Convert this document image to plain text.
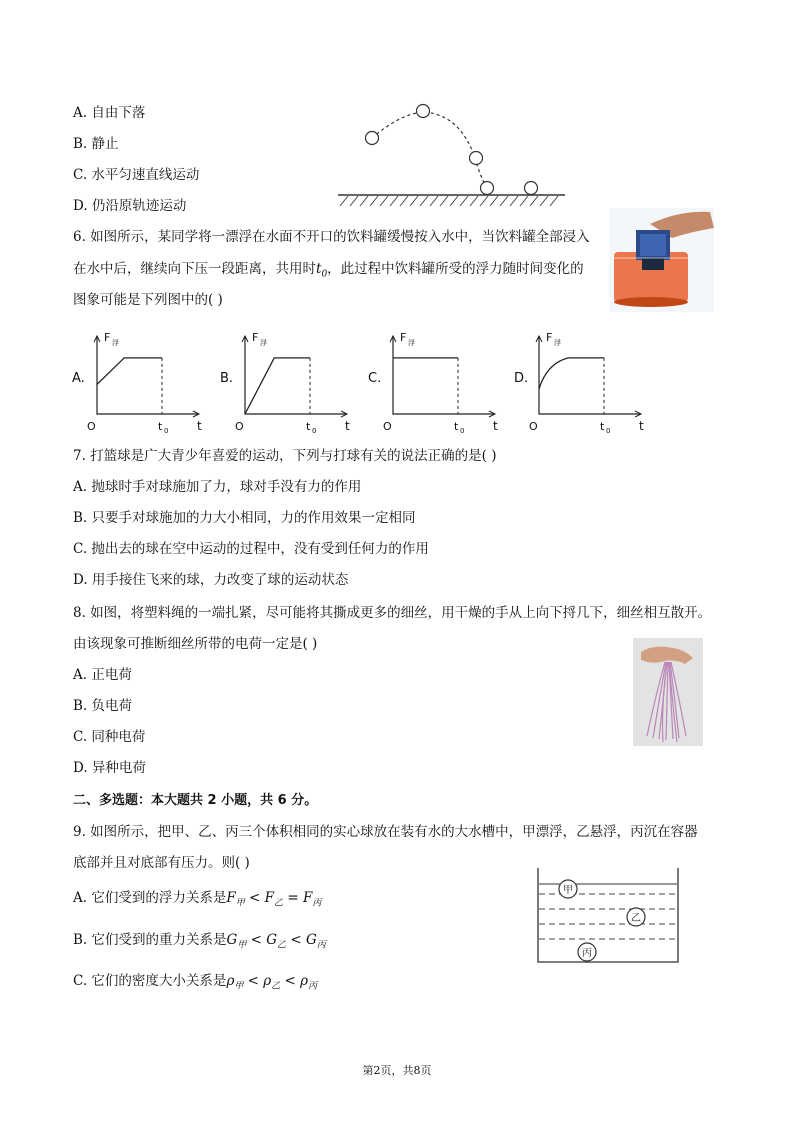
A. 自由下落
B. 静止
C. 水平匀速直线运动
D. 仍沿原轨迹运动
6. 如图所示，某同学将一漂浮在水面不开口的饮料罐缓慢按入水中，当饮料罐全部浸入
在水中后，继续向下压一段距离，共用时$t_0$，此过程中饮料罐所受的浮力随时间变化的
图象可能是下列图中的( )
A.
F 浮
O	t 0 t
B.
F 浮
O	t 0 t
C.
F 浮
O	t 0 t
D.
F 浮
O	t 0 t
7. 打篮球是广大青少年喜爱的运动，下列与打球有关的说法正确的是( )
A. 抛球时手对球施加了力，球对手没有力的作用
B. 只要手对球施加的力大小相同，力的作用效果一定相同
C. 抛出去的球在空中运动的过程中，没有受到任何力的作用
D. 用手接住飞来的球，力改变了球的运动状态
8. 如图，将塑料绳的一端扎紧，尽可能将其撕成更多的细丝，用干燥的手从上向下捋几下，细丝相互散开。
由该现象可推断细丝所带的电荷一定是( )
A. 正电荷
B. 负电荷
C. 同种电荷
D. 异种电荷
二、多选题：本大题共 2 小题，共 6 分。
9. 如图所示，把甲、乙、丙三个体积相同的实心球放在装有水的大水槽中，甲漂浮，乙悬浮，丙沉在容器
底部并且对底部有压力。则( )
A. 它们受到的浮力关系是$F_甲 < F_乙 = F_丙$
B. 它们受到的重力关系是$G_甲 < G_乙 < G_丙$
C. 它们的密度大小关系是$\rho_甲 < \rho_乙 < \rho_丙$
甲
乙
丙
第2页，共8页
